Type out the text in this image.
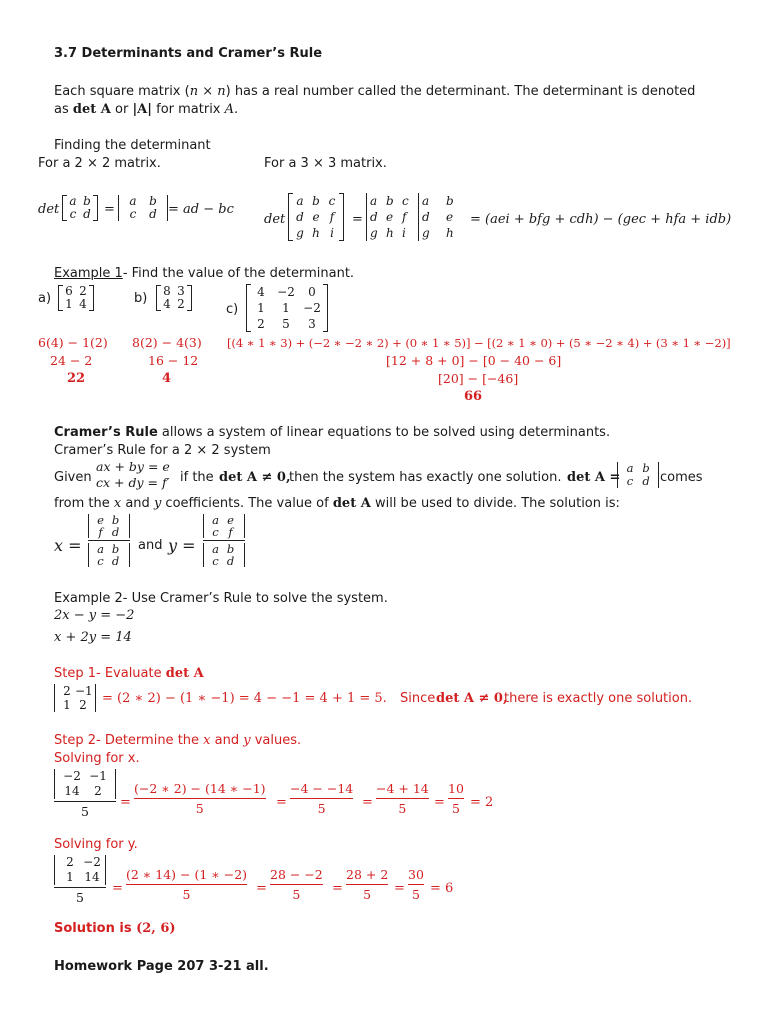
3.7 Determinants and Cramer’s Rule
Each square matrix (n × n) has a real number called the determinant. The determinant is denoted
as det A or |A| for matrix A.
Finding the determinant
For a 2 × 2 matrix.	For a 3 × 3 matrix.
det
a b
c d =
a	b
c	d = ad − bc
det
a b c
d e f
g h i
=
a b c	a	b
d e f	d	e
g h i	g	h
= (aei + bfg + cdh) − (gec + hfa + idb)
Example 1- Find the value of the determinant.
a) 6 2
1 4	b) 8 3
4 2	c)
4	−2	0
1	1	−2
2	5	3
6(4) − 1(2)
24 − 2
22
8(2) − 4(3)
16 − 12
4
[(4 ∗ 1 ∗ 3) + (−2 ∗ −2 ∗ 2) + (0 ∗ 1 ∗ 5)] − [(2 ∗ 1 ∗ 0) + (5 ∗ −2 ∗ 4) + (3 ∗ 1 ∗ −2)]
[12 + 8 + 0] − [0 − 40 − 6]
[20] − [−46]
66
Cramer’s Rule allows a system of linear equations to be solved using determinants.
Cramer’s Rule for a 2 × 2 system
Given
ax + by = e
cx + dy = f′ if the det A ≠ 0,
then the system has exactly one solution. det A =
a b
c d comes
from the x and y coefficients. The value of det A will be used to divide. The solution is:
x =
e b
f d
a b
c d
and y =
a e
c f
a b
c d
Example 2- Use Cramer’s Rule to solve the system.
2x − y = −2
x + 2y = 14
Step 1- Evaluate det A
2 −1
1 2	= (2 ∗ 2) − (1 ∗ −1) = 4 − −1 = 4 + 1 = 5. Since det A ≠ 0,
there is exactly one solution.
Step 2- Determine the x and y values.
Solving for x.
−2 −1
14	2
5
=
(−2 ∗ 2) − (14 ∗ −1)
5	=
−4 − −14
5	=
−4 + 14
5 =
10
5 = 2
Solving for y.
2 −2
1 14
5
=
(2 ∗ 14) − (1 ∗ −2)
5	=
28 − −2
5 =
28 + 2
5 =
30
5 = 6
Solution is (2, 6)
Homework Page 207 3-21 all.
